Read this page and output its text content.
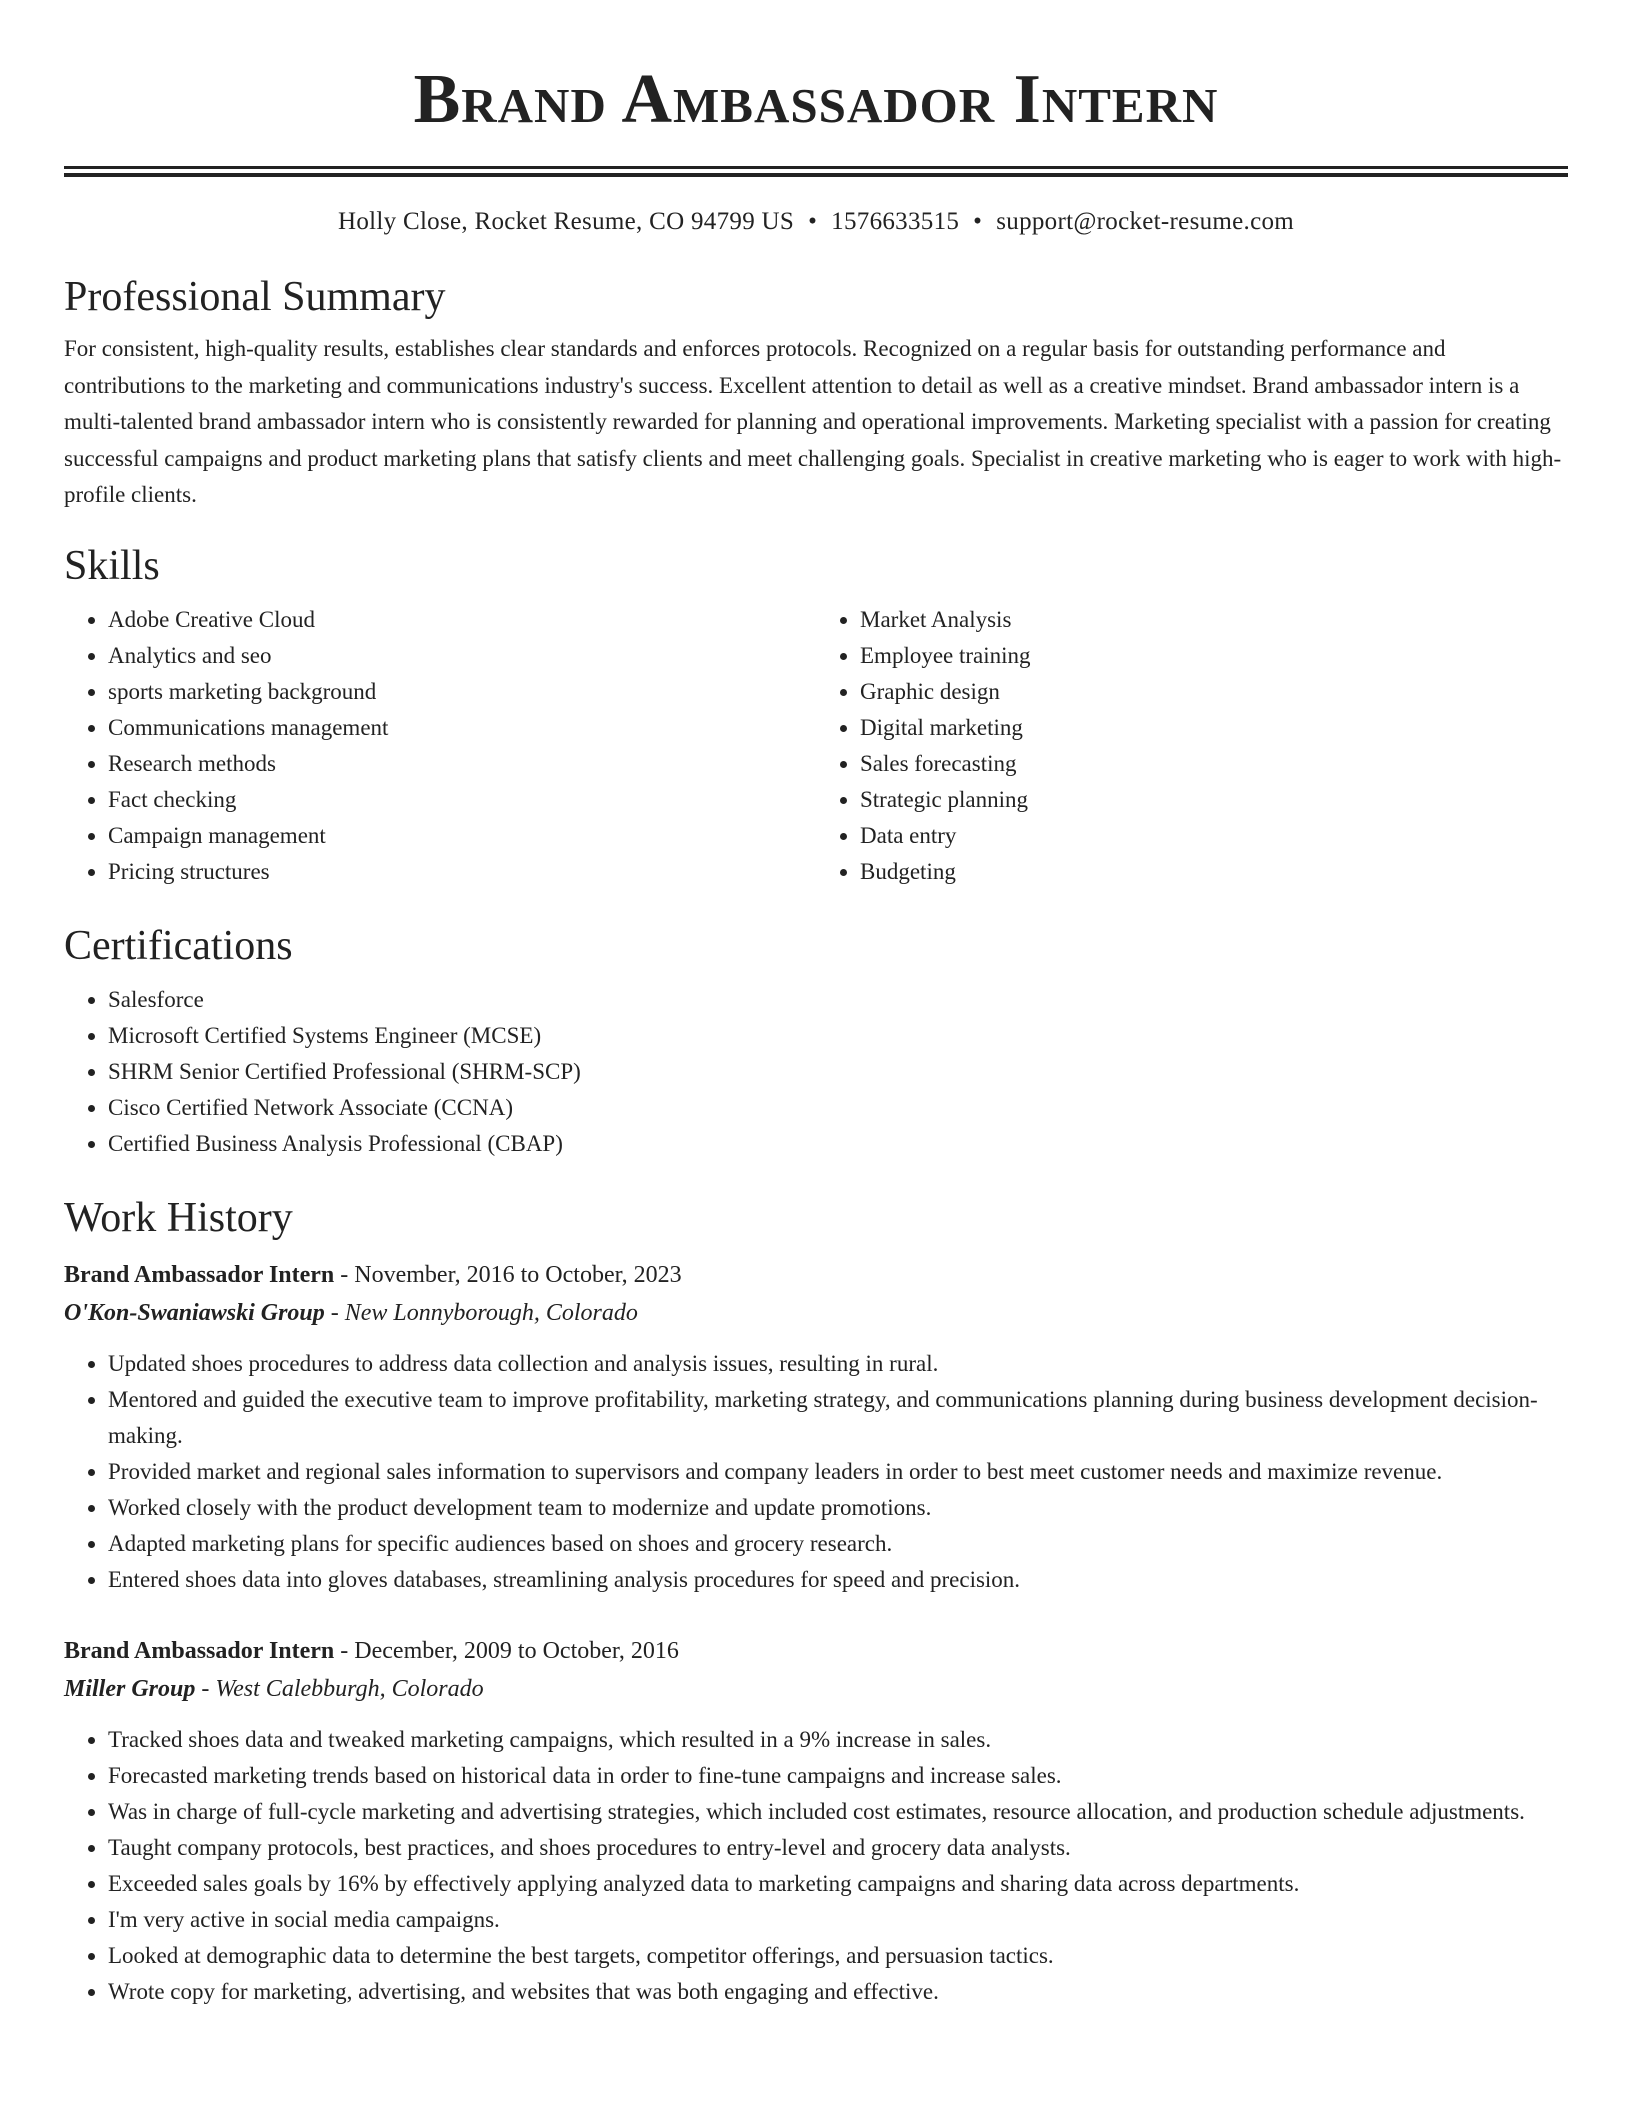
Brand Ambassador Intern
Holly Close, Rocket Resume, CO 94799 US • 1576633515 • support@rocket-resume.com
Professional Summary

For consistent, high-quality results, establishes clear standards and enforces protocols. Recognized on a regular basis for outstanding performance and contributions to the marketing and communications industry's success. Excellent attention to detail as well as a creative mindset. Brand ambassador intern is a multi-talented brand ambassador intern who is consistently rewarded for planning and operational improvements. Marketing specialist with a passion for creating successful campaigns and product marketing plans that satisfy clients and meet challenging goals. Specialist in creative marketing who is eager to work with high-profile clients.

Skills
• Adobe Creative Cloud
• Analytics and seo
• sports marketing background
• Communications management
• Research methods
• Fact checking
• Campaign management
• Pricing structures
• Market Analysis
• Employee training
• Graphic design
• Digital marketing
• Sales forecasting
• Strategic planning
• Data entry
• Budgeting
Certifications
• Salesforce
• Microsoft Certified Systems Engineer (MCSE)
• SHRM Senior Certified Professional (SHRM-SCP)
• Cisco Certified Network Associate (CCNA)
• Certified Business Analysis Professional (CBAP)
Work History
Brand Ambassador Intern - November, 2016 to October, 2023
O'Kon-Swaniawski Group - New Lonnyborough, Colorado
• Updated shoes procedures to address data collection and analysis issues, resulting in rural.
• Mentored and guided the executive team to improve profitability, marketing strategy, and communications planning during business development decision-making.
• Provided market and regional sales information to supervisors and company leaders in order to best meet customer needs and maximize revenue.
• Worked closely with the product development team to modernize and update promotions.
• Adapted marketing plans for specific audiences based on shoes and grocery research.
• Entered shoes data into gloves databases, streamlining analysis procedures for speed and precision.
Brand Ambassador Intern - December, 2009 to October, 2016
Miller Group - West Calebburgh, Colorado
• Tracked shoes data and tweaked marketing campaigns, which resulted in a 9% increase in sales.
• Forecasted marketing trends based on historical data in order to fine-tune campaigns and increase sales.
• Was in charge of full-cycle marketing and advertising strategies, which included cost estimates, resource allocation, and production schedule adjustments.
• Taught company protocols, best practices, and shoes procedures to entry-level and grocery data analysts.
• Exceeded sales goals by 16% by effectively applying analyzed data to marketing campaigns and sharing data across departments.
• I'm very active in social media campaigns.
• Looked at demographic data to determine the best targets, competitor offerings, and persuasion tactics.
• Wrote copy for marketing, advertising, and websites that was both engaging and effective.
